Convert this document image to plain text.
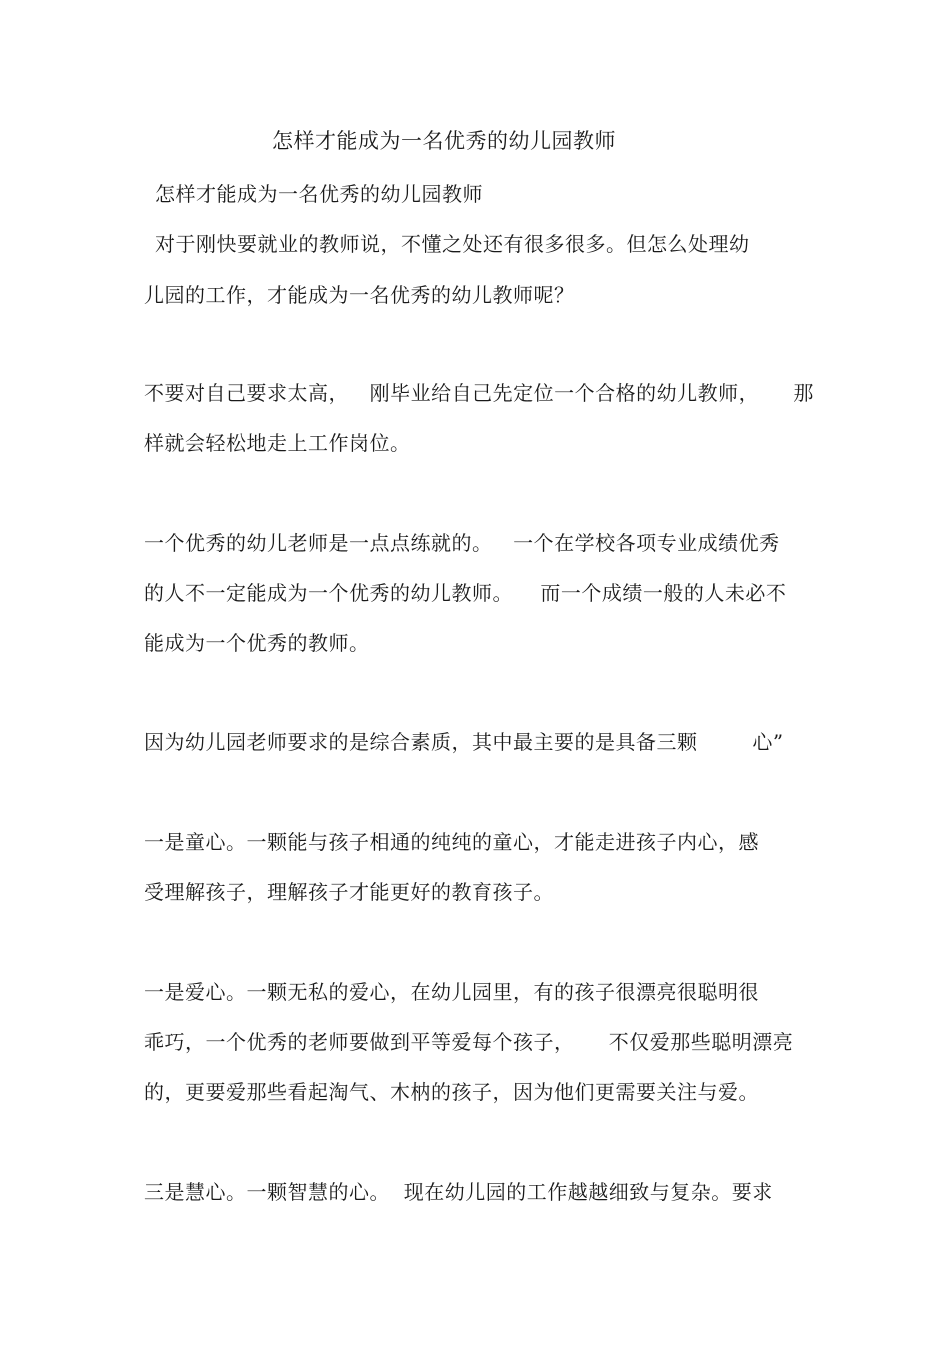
怎样才能成为一名优秀的幼儿园教师
怎样才能成为一名优秀的幼儿园教师
对于刚快要就业的教师说，不懂之处还有很多很多。但怎么处理幼
儿园的工作，才能成为一名优秀的幼儿教师呢？
不要对自己要求太高，   刚毕业给自己先定位一个合格的幼儿教师，     那
样就会轻松地走上工作岗位。
一个优秀的幼儿老师是一点点练就的。   一个在学校各项专业成绩优秀
的人不一定能成为一个优秀的幼儿教师。    而一个成绩一般的人未必不
能成为一个优秀的教师。
因为幼儿园老师要求的是综合素质，其中最主要的是具备三颗        心”
一是童心。一颗能与孩子相通的纯纯的童心，才能走进孩子内心，感
受理解孩子，理解孩子才能更好的教育孩子。
一是爱心。一颗无私的爱心，在幼儿园里，有的孩子很漂亮很聪明很
乖巧，一个优秀的老师要做到平等爱每个孩子，     不仅爱那些聪明漂亮
的，更要爱那些看起淘气、木枘的孩子，因为他们更需要关注与爱。
三是慧心。一颗智慧的心。  现在幼儿园的工作越越细致与复杂。要求
